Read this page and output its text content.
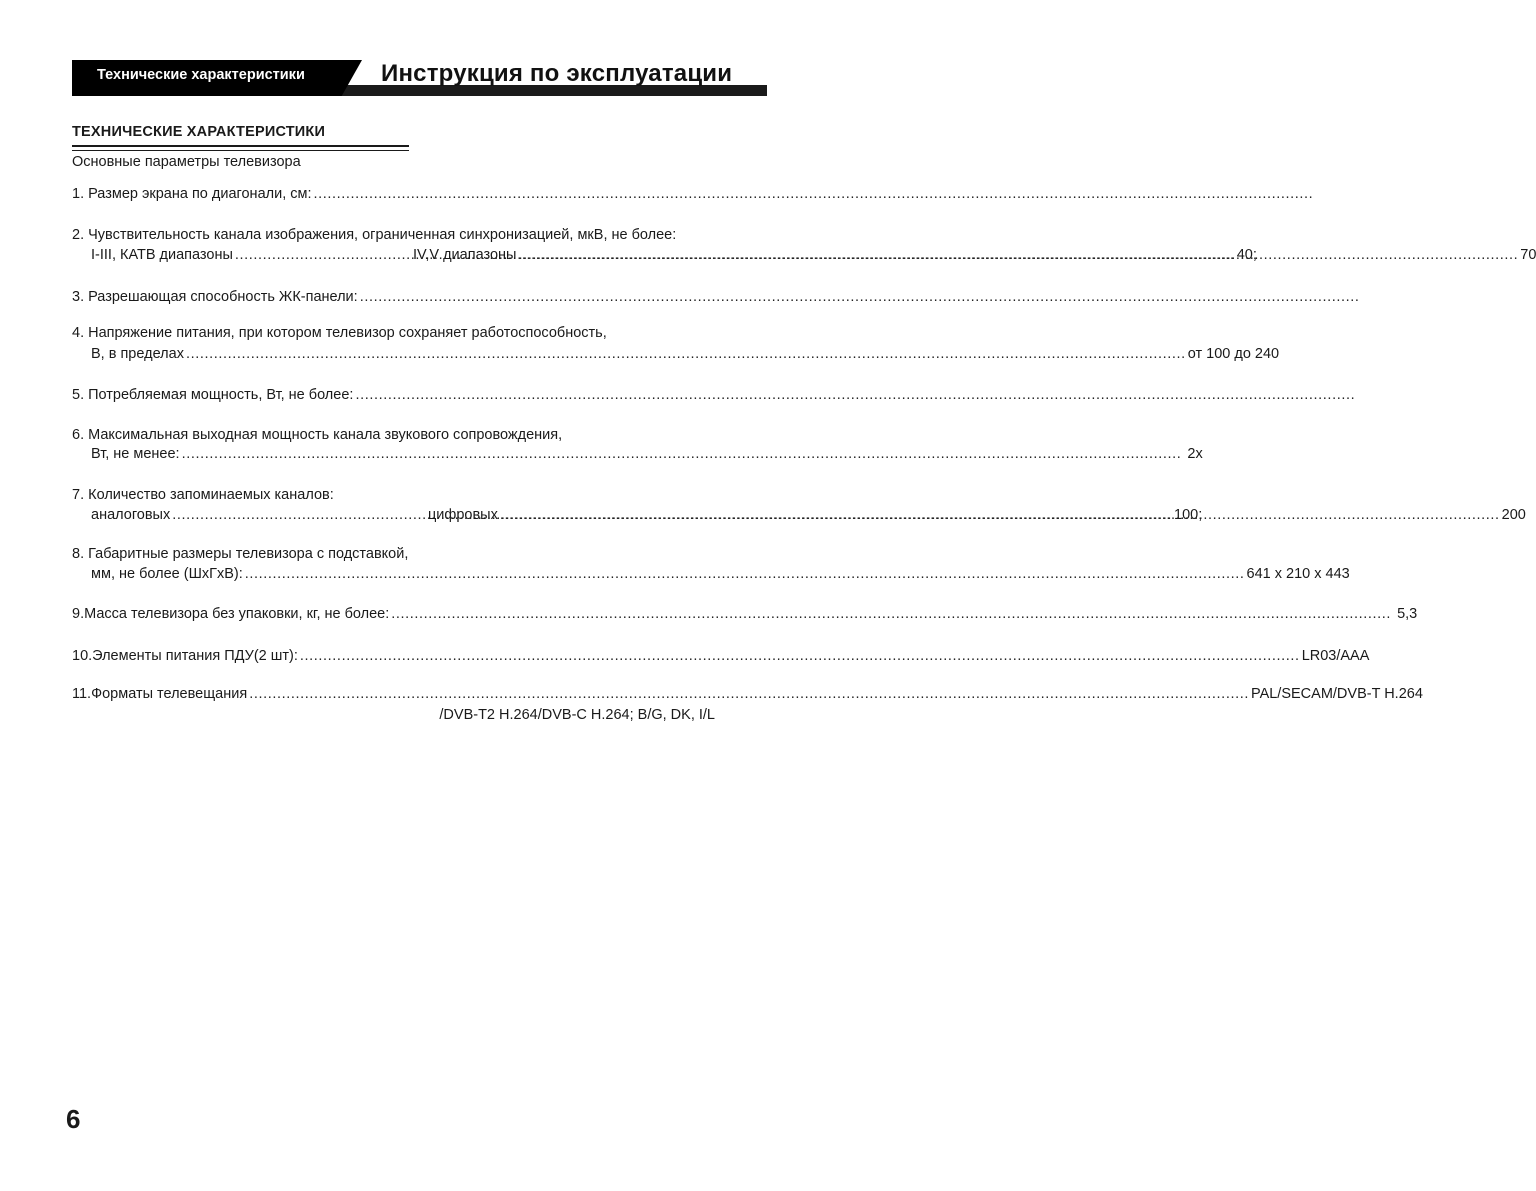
Технические характеристики	Инструкция по эксплуатации
ТЕХНИЧЕСКИЕ ХАРАКТЕРИСТИКИ
Основные параметры телевизора
1. Размер экрана по диагонали, см:
.....
2. Чувствительность канала изображения, ограниченная синхронизацией, мкВ, не более:
I-III, КАТВ диапазоны .....	40;
IV,V диапазоны .....	70
3. Разрешающая способность ЖК-панели:
.....
4. Напряжение питания, при котором телевизор сохраняет работоспособность,
В, в пределах .....	от 100 до 240
5. Потребляемая мощность, Вт, не более:
.....
6. Максимальная выходная мощность канала звукового сопровождения,
Вт, не менее: .....	2x
7. Количество запоминаемых каналов:
аналоговых .....	100;
цифровых .....	200
8. Габаритные размеры телевизора с подставкой,
мм, не более (ШхГхВ): .....	641 x 210 x 443
9.Масса телевизора без упаковки, кг, не более: .....	5,3
10.Элементы питания ПДУ(2 шт): .....	LR03/AAA
11.Форматы телевещания .....	PAL/SECAM/DVB-T H.264
/DVB-T2 H.264/DVB-C H.264; B/G, DK, I/L
6
